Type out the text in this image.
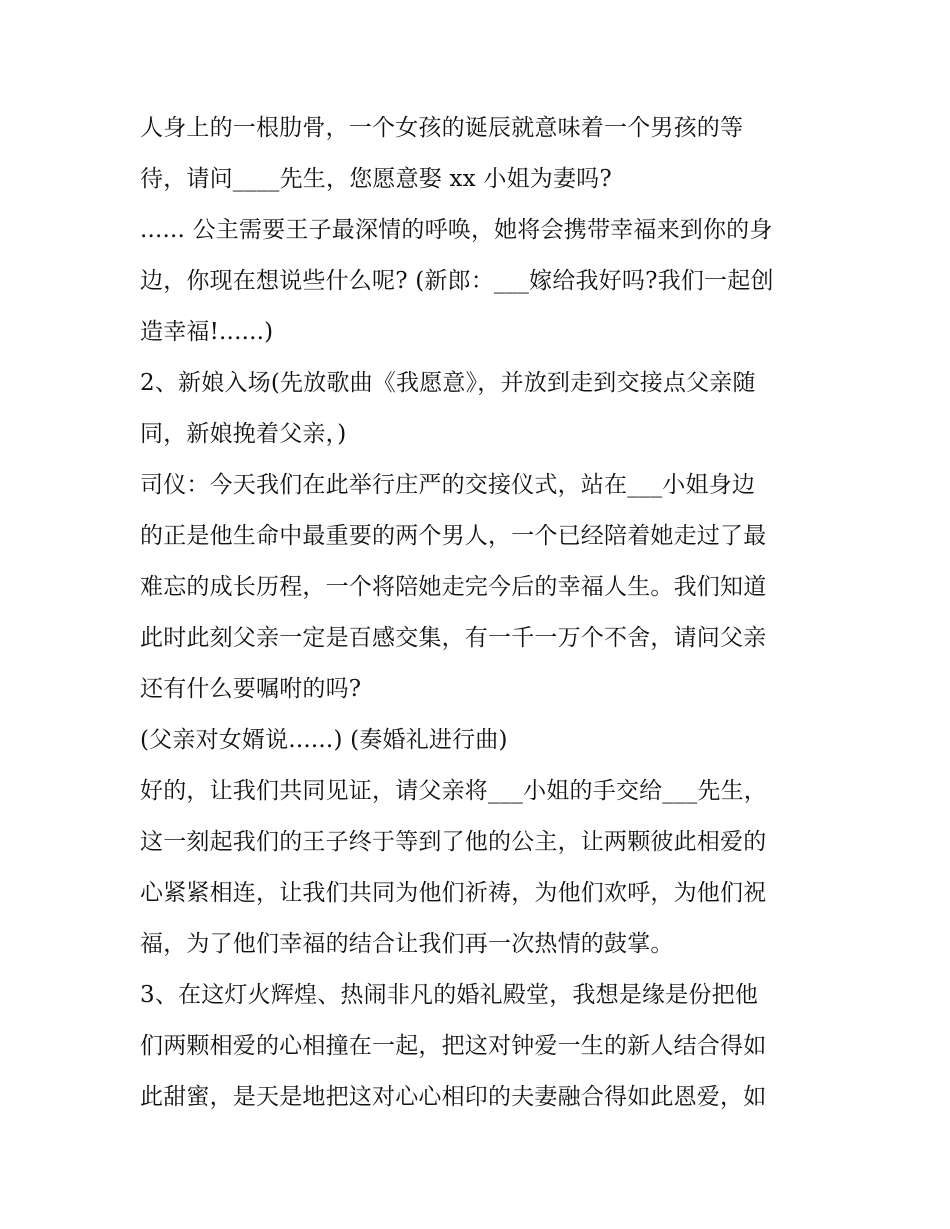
人身上的一根肋骨，一个女孩的诞辰就意味着一个男孩的等
待，请问____先生，您愿意娶 xx 小姐为妻吗?
...... 公主需要王子最深情的呼唤，她将会携带幸福来到你的身
边，你现在想说些什么呢? (新郎：___嫁给我好吗?我们一起创
造幸福!......)
2、新娘入场(先放歌曲《我愿意》，并放到走到交接点父亲随
同，新娘挽着父亲，)
司仪：今天我们在此举行庄严的交接仪式，站在___小姐身边
的正是他生命中最重要的两个男人，一个已经陪着她走过了最
难忘的成长历程，一个将陪她走完今后的幸福人生。我们知道
此时此刻父亲一定是百感交集，有一千一万个不舍，请问父亲
还有什么要嘱咐的吗?
(父亲对女婿说......) (奏婚礼进行曲)
好的，让我们共同见证，请父亲将___小姐的手交给___先生，
这一刻起我们的王子终于等到了他的公主，让两颗彼此相爱的
心紧紧相连，让我们共同为他们祈祷，为他们欢呼，为他们祝
福，为了他们幸福的结合让我们再一次热情的鼓掌。
3、在这灯火辉煌、热闹非凡的婚礼殿堂，我想是缘是份把他
们两颗相爱的心相撞在一起，把这对钟爱一生的新人结合得如
此甜蜜，是天是地把这对心心相印的夫妻融合得如此恩爱，如
